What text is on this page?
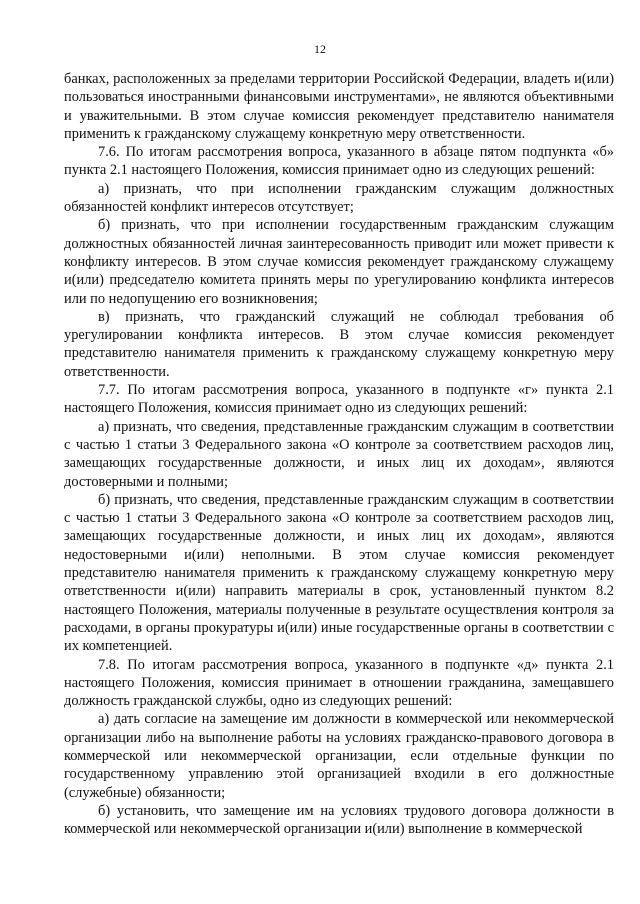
12

банках, расположенных за пределами территории Российской Федерации, владеть и(или) пользоваться иностранными финансовыми инструментами», не являются объективными и уважительными. В этом случае комиссия рекомендует представителю нанимателя применить к гражданскому служащему конкретную меру ответственности.

7.6. По итогам рассмотрения вопроса, указанного в абзаце пятом подпункта «б» пункта 2.1 настоящего Положения, комиссия принимает одно из следующих решений:

а) признать, что при исполнении гражданским служащим должностных обязанностей конфликт интересов отсутствует;

б) признать, что при исполнении государственным гражданским служащим должностных обязанностей личная заинтересованность приводит или может привести к конфликту интересов. В этом случае комиссия рекомендует гражданскому служащему и(или) председателю комитета принять меры по урегулированию конфликта интересов или по недопущению его возникновения;

в) признать, что гражданский служащий не соблюдал требования об урегулировании конфликта интересов. В этом случае комиссия рекомендует представителю нанимателя применить к гражданскому служащему конкретную меру ответственности.

7.7. По итогам рассмотрения вопроса, указанного в подпункте «г» пункта 2.1 настоящего Положения, комиссия принимает одно из следующих решений:

а) признать, что сведения, представленные гражданским служащим в соответствии с частью 1 статьи 3 Федерального закона «О контроле за соответствием расходов лиц, замещающих государственные должности, и иных лиц их доходам», являются достоверными и полными;

б) признать, что сведения, представленные гражданским служащим в соответствии с частью 1 статьи 3 Федерального закона «О контроле за соответствием расходов лиц, замещающих государственные должности, и иных лиц их доходам», являются недостоверными и(или) неполными. В этом случае комиссия рекомендует представителю нанимателя применить к гражданскому служащему конкретную меру ответственности и(или) направить материалы в срок, установленный пунктом 8.2 настоящего Положения, материалы полученные в результате осуществления контроля за расходами, в органы прокуратуры и(или) иные государственные органы в соответствии с их компетенцией.

7.8. По итогам рассмотрения вопроса, указанного в подпункте «д» пункта 2.1 настоящего Положения, комиссия принимает в отношении гражданина, замещавшего должность гражданской службы, одно из следующих решений:

а) дать согласие на замещение им должности в коммерческой или некоммерческой организации либо на выполнение работы на условиях гражданско-правового договора в коммерческой или некоммерческой организации, если отдельные функции по государственному управлению этой организацией входили в его должностные (служебные) обязанности;

б) установить, что замещение им на условиях трудового договора должности в коммерческой или некоммерческой организации и(или) выполнение в коммерческой
